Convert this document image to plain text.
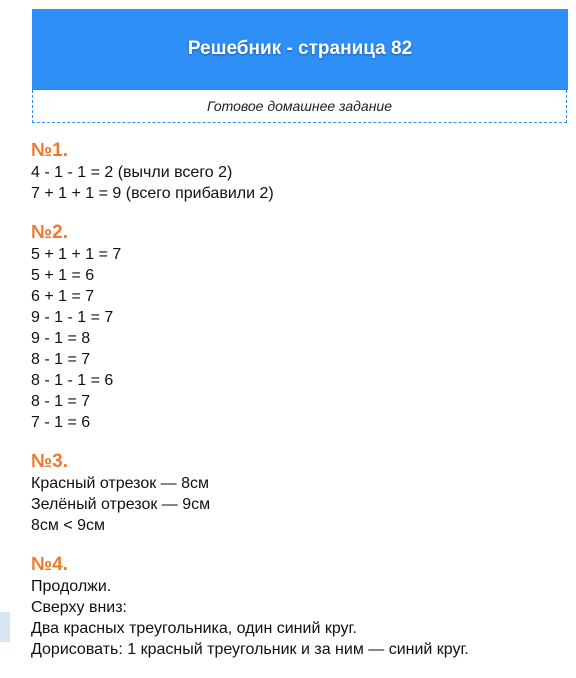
Решебник - страница 82
Готовое домашнее задание
№1.
4 - 1 - 1 = 2 (вычли всего 2)
7 + 1 + 1 = 9 (всего прибавили 2)
№2.
5 + 1 + 1 = 7
5 + 1 = 6
6 + 1 = 7
9 - 1 - 1 = 7
9 - 1 = 8
8 - 1 = 7
8 - 1 - 1 = 6
8 - 1 = 7
7 - 1 = 6
№3.
Красный отрезок — 8см
Зелёный отрезок — 9см
8см < 9см
№4.
Продолжи.
Сверху вниз:
Два красных треугольника, один синий круг.
Дорисовать: 1 красный треугольник и за ним — синий круг.
